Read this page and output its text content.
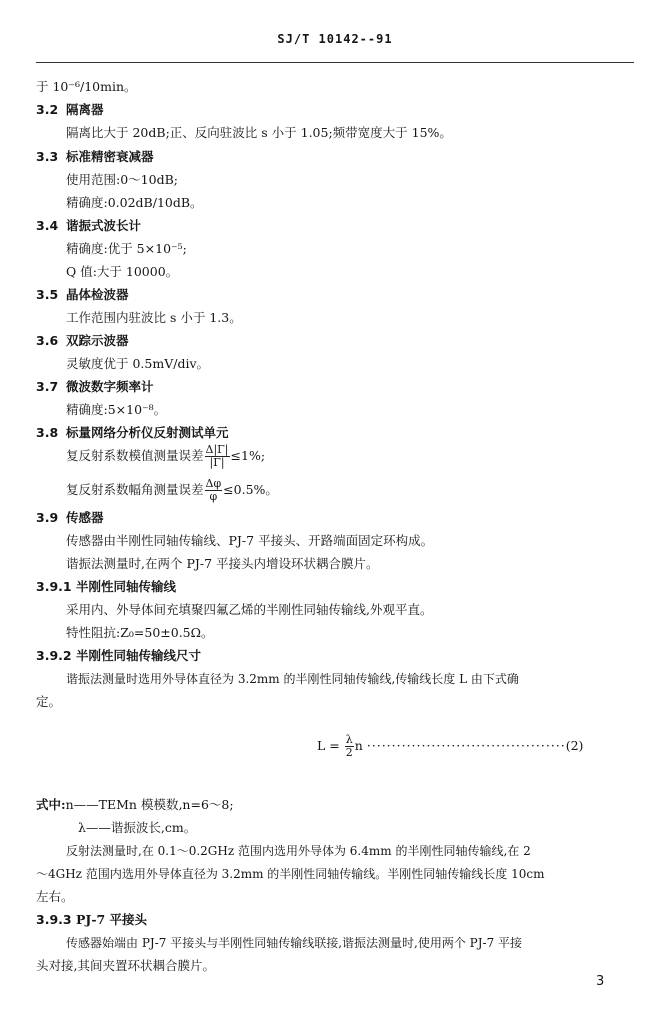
SJ/T 10142--91
于 10⁻⁶/10min。
3.2 隔离器
隔离比大于 20dB;正、反向驻波比 s 小于 1.05;频带宽度大于 15%。
3.3 标准精密衰减器
使用范围:0～10dB;
精确度:0.02dB/10dB。
3.4 谐振式波长计
精确度:优于 5×10⁻⁵;
Q 值:大于 10000。
3.5 晶体检波器
工作范围内驻波比 s 小于 1.3。
3.6 双踪示波器
灵敏度优于 0.5mV/div。
3.7 微波数字频率计
精确度:5×10⁻⁸。
3.8 标量网络分析仪反射测试单元
复反射系数模值测量误差 $\frac{\Delta|\Gamma|}{|\Gamma|} \le 1\%$;
复反射系数幅角测量误差 $\frac{\Delta\varphi}{\varphi} \le 0.5\%$。
3.9 传感器
传感器由半刚性同轴传输线、PJ-7 平接头、开路端面固定环构成。
谐振法测量时,在两个 PJ-7 平接头内增设环状耦合膜片。
3.9.1 半刚性同轴传输线
采用内、外导体间充填聚四氟乙烯的半刚性同轴传输线,外观平直。
特性阻抗:Z₀=50±0.5Ω。
3.9.2 半刚性同轴传输线尺寸
谐振法测量时选用外导体直径为 3.2mm 的半刚性同轴传输线,传输线长度 L 由下式确
定。
$L = \frac{\lambda}{2}$ n ········································(2)
式中:n——TEMn 模模数,n=6～8;
λ——谐振波长,cm。
反射法测量时,在 0.1～0.2GHz 范围内选用外导体为 6.4mm 的半刚性同轴传输线,在 2
～4GHz 范围内选用外导体直径为 3.2mm 的半刚性同轴传输线。半刚性同轴传输线长度 10cm
左右。
3.9.3 PJ-7 平接头
传感器始端由 PJ-7 平接头与半刚性同轴传输线联接,谐振法测量时,使用两个 PJ-7 平接
头对接,其间夹置环状耦合膜片。
3
